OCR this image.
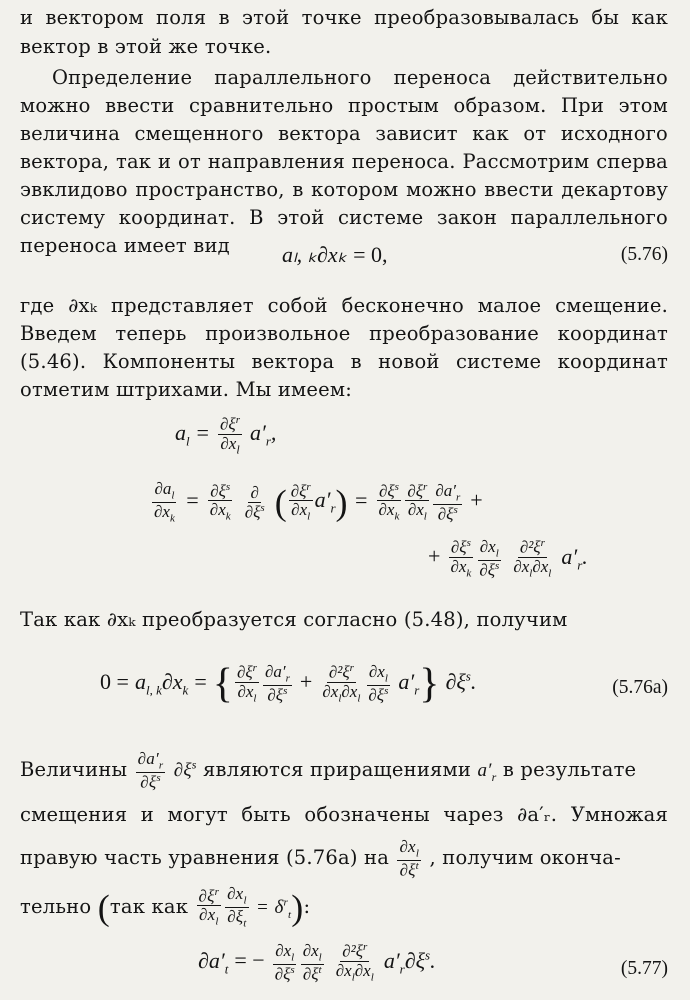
и вектором поля в этой точке преобразовывалась бы как
вектор в этой же точке.
Определение параллельного переноса действительно
можно ввести сравнительно простым образом. При этом
величина смещенного вектора зависит как от исходного
вектора, так и от направления переноса. Рассмотрим сперва
эвклидово пространство, в котором можно ввести декартову
систему координат. В этой системе закон параллельного
переноса имеет вид aₗ, ₖ∂xₖ = 0,	(5.76)
где ∂xₖ представляет собой бесконечно малое смещение.
Введем теперь произвольное преобразование координат
(5.46). Компоненты вектора в новой системе координат
отметим штрихами. Мы имеем:
$a_l = \frac{\partial\xi^r}{\partial x_l} a'_r$,
$\frac{\partial a_l}{\partial x_k} = \frac{\partial\xi^s}{\partial x_k}$
$\frac{\partial}{\partial\xi^s}$ ( $\frac{\partial\xi^r}{\partial x_l} a'_r) = \frac{\partial\xi^s}{\partial x_k} \frac{\partial\xi^r}{\partial x_l} \frac{\partial a'_r}{\partial\xi^s}$ +
+ $\frac{\partial\xi^s}{\partial x_k} \frac{\partial x_l}{\partial\xi^s}$
$\frac{\partial^2\xi^r}{\partial x_l\partial x_l} a'_r$.
Так как ∂xₖ преобразуется согласно (5.48), получим
$0 = a_{l, k}\partial x_k$ = { $\frac{\partial\xi^r}{\partial x_l} \frac{\partial a'_r}{\partial\xi^s} + \frac{\partial^2\xi^r}{\partial x_l\partial x_l} \frac{\partial x_l}{\partial\xi^s} a'_r$} $\partial\xi^s$.	(5.76а)
Величины $\frac{\partial a'_r}{\partial\xi^s} \partial\xi^s$ являются приращениями $a'_r$ в результате
смещения и могут быть обозначены чарез ∂a′ᵣ. Умножая
правую часть уравнения (5.76а) на $\frac{\partial x_l}{\partial\xi^t}$ , получим оконча-
тельно (так как $\frac{\partial\xi^r}{\partial x_l} \frac{\partial x_l}{\partial\xi_t} = \delta^r_t$):
$\partial a'_t$ = − $\frac{\partial x_l}{\partial\xi^s} \frac{\partial x_l}{\partial\xi^t}$
$\frac{\partial^2\xi^r}{\partial x_l\partial x_l} a'_r\partial\xi^s$.	(5.77)
